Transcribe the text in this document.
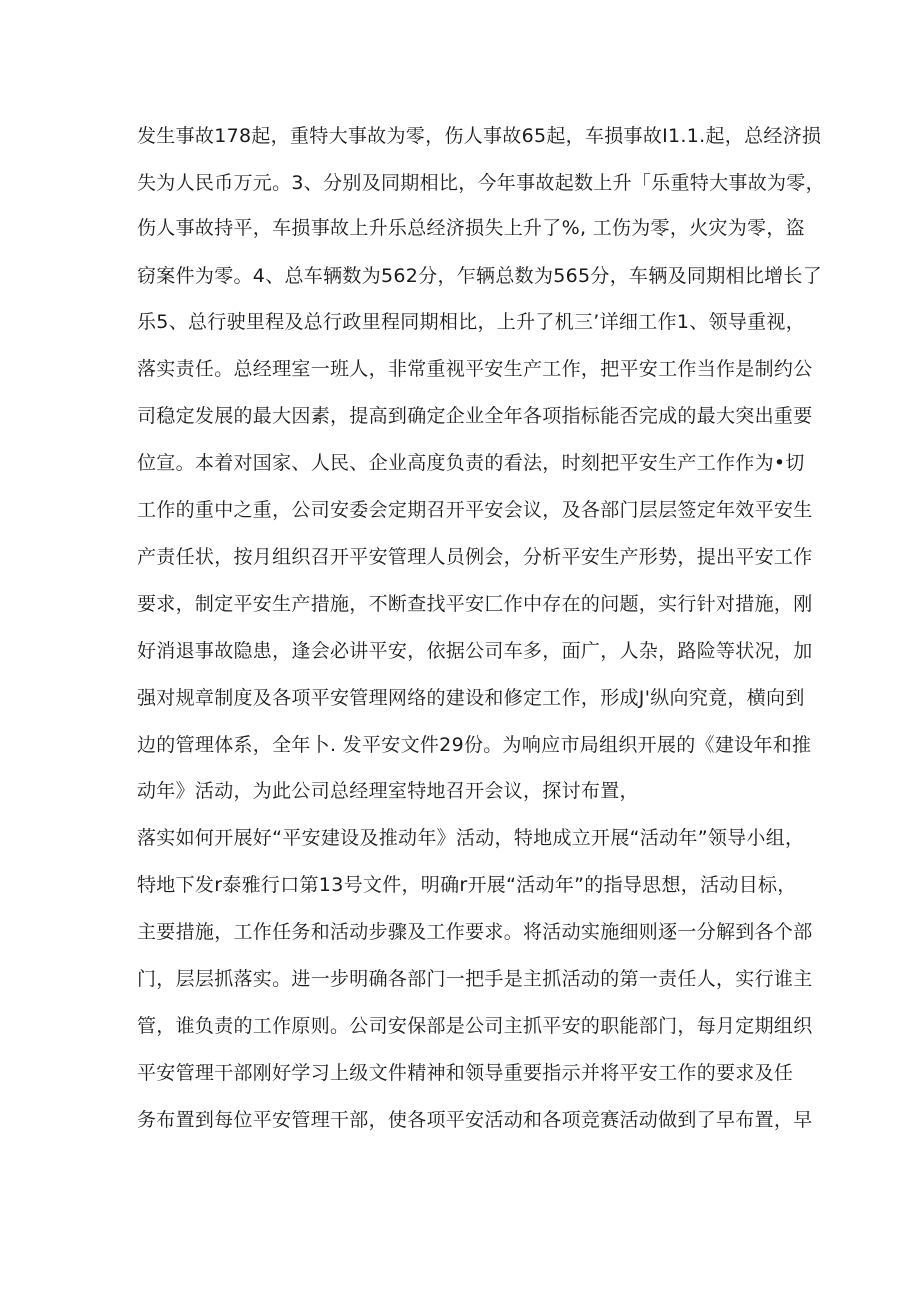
发生事故178起，重特大事故为零，伤人事故65起，车损事故I1.1.起，总经济损
失为人民币万元。3、分别及同期相比，今年事故起数上升「乐重特大事故为零，
伤人事故持平，车损事故上升乐总经济损失上升了%, 工伤为零，火灾为零，盗
窃案件为零。4、总车辆数为562分，乍辆总数为565分，车辆及同期相比增长了
乐5、总行驶里程及总行政里程同期相比，上升了机三’详细工作1、领导重视，
落实责任。总经理室一班人，非常重视平安生产工作，把平安工作当作是制约公
司稳定发展的最大因素，提高到确定企业全年各项指标能否完成的最大突出重要
位宣。本着对国家、人民、企业高度负责的看法，时刻把平安生产工作作为•切
工作的重中之重，公司安委会定期召开平安会议，及各部门层层签定年效平安生
产责任状，按月组织召开平安管理人员例会，分析平安生产形势，提出平安工作
要求，制定平安生产措施，不断查找平安匚作中存在的问题，实行针对措施，刚
好消退事故隐患，逢会必讲平安，依据公司车多，面广，人杂，路险等状况，加
强对规章制度及各项平安管理网络的建设和修定工作，形成J'纵向究竟，横向到
边的管理体系，全年卜. 发平安文件29份。为响应市局组织开展的《建设年和推
动年》活动，为此公司总经理室特地召开会议，探讨布置，
落实如何开展好“平安建设及推动年》活动，特地成立开展“活动年”领导小组，
特地下发r泰雅行口第13号文件，明确r开展“活动年”的指导思想，活动目标，
主要措施，工作任务和活动步骤及工作要求。将活动实施细则逐一分解到各个部
门，层层抓落实。进一步明确各部门一把手是主抓活动的第一责任人，实行谁主
管，谁负责的工作原则。公司安保部是公司主抓平安的职能部门，每月定期组织
平安管理干部刚好学习上级文件精神和领导重要指示并将平安工作的要求及任
务布置到每位平安管理干部，使各项平安活动和各项竞赛活动做到了早布置，早
